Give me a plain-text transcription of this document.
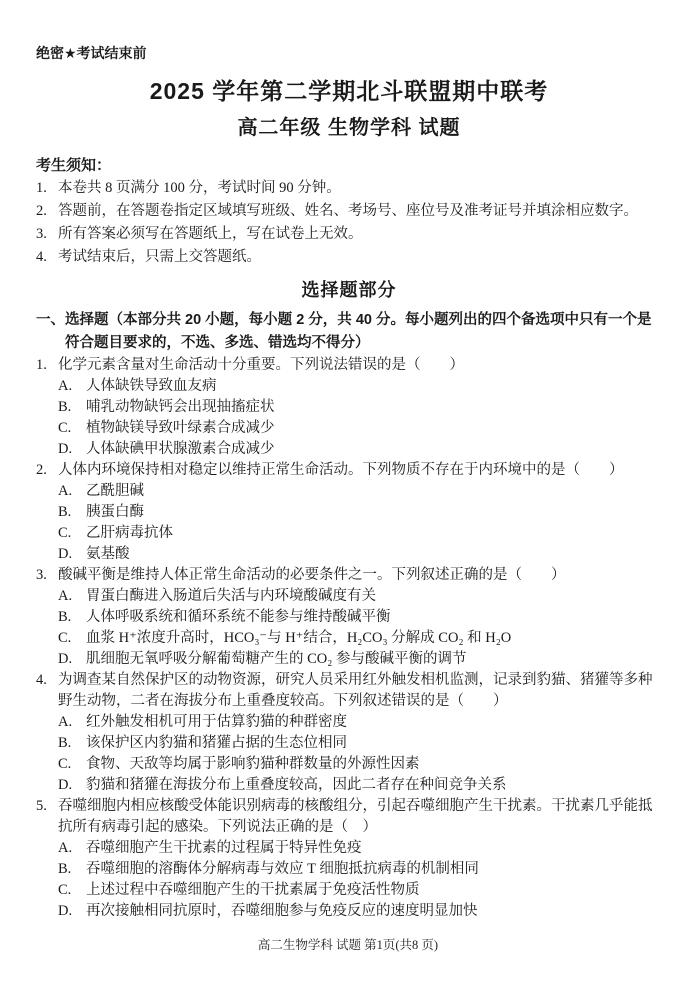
绝密★考试结束前
2025 学年第二学期北斗联盟期中联考
高二年级 生物学科 试题
考生须知：
1. 本卷共 8 页满分 100 分，考试时间 90 分钟。
2. 答题前，在答题卷指定区域填写班级、姓名、考场号、座位号及准考证号并填涂相应数字。
3. 所有答案必须写在答题纸上，写在试卷上无效。
4. 考试结束后，只需上交答题纸。
选择题部分
一、 选择题（本部分共 20 小题，每小题 2 分，共 40 分。每小题列出的四个备选项中只有一个是符合题目要求的，不选、多选、错选均不得分）
1. 化学元素含量对生命活动十分重要。下列说法错误的是（　　）
A. 人体缺铁导致血友病
B.	哺乳动物缺钙会出现抽搐症状
C.	植物缺镁导致叶绿素合成减少
D. 人体缺碘甲状腺激素合成减少
2. 人体内环境保持相对稳定以维持正常生命活动。下列物质不存在于内环境中的是（　　）
A. 乙酰胆碱
B.	胰蛋白酶
C.	乙肝病毒抗体
D. 氨基酸
3. 酸碱平衡是维持人体正常生命活动的必要条件之一。下列叙述正确的是（　　）
A. 胃蛋白酶进入肠道后失活与内环境酸碱度有关
B.	人体呼吸系统和循环系统不能参与维持酸碱平衡
C.	血浆 H⁺浓度升高时，HCO₃⁻与 H⁺结合，H₂CO₃ 分解成 CO₂ 和 H₂O
D. 肌细胞无氧呼吸分解葡萄糖产生的 CO₂ 参与酸碱平衡的调节
4. 为调查某自然保护区的动物资源，研究人员采用红外触发相机监测，记录到豹猫、猪獾等多种野生动物，二者在海拔分布上重叠度较高。下列叙述错误的是（　　）
A. 红外触发相机可用于估算豹猫的种群密度
B.	该保护区内豹猫和猪獾占据的生态位相同
C.	食物、天敌等均属于影响豹猫种群数量的外源性因素
D. 豹猫和猪獾在海拔分布上重叠度较高，因此二者存在种间竞争关系
5. 吞噬细胞内相应核酸受体能识别病毒的核酸组分，引起吞噬细胞产生干扰素。干扰素几乎能抵抗所有病毒引起的感染。下列说法正确的是（　）
A. 吞噬细胞产生干扰素的过程属于特异性免疫
B.	吞噬细胞的溶酶体分解病毒与效应 T 细胞抵抗病毒的机制相同
C.	上述过程中吞噬细胞产生的干扰素属于免疫活性物质
D. 再次接触相同抗原时，吞噬细胞参与免疫反应的速度明显加快
高二生物学科 试题 第1页(共8 页)
